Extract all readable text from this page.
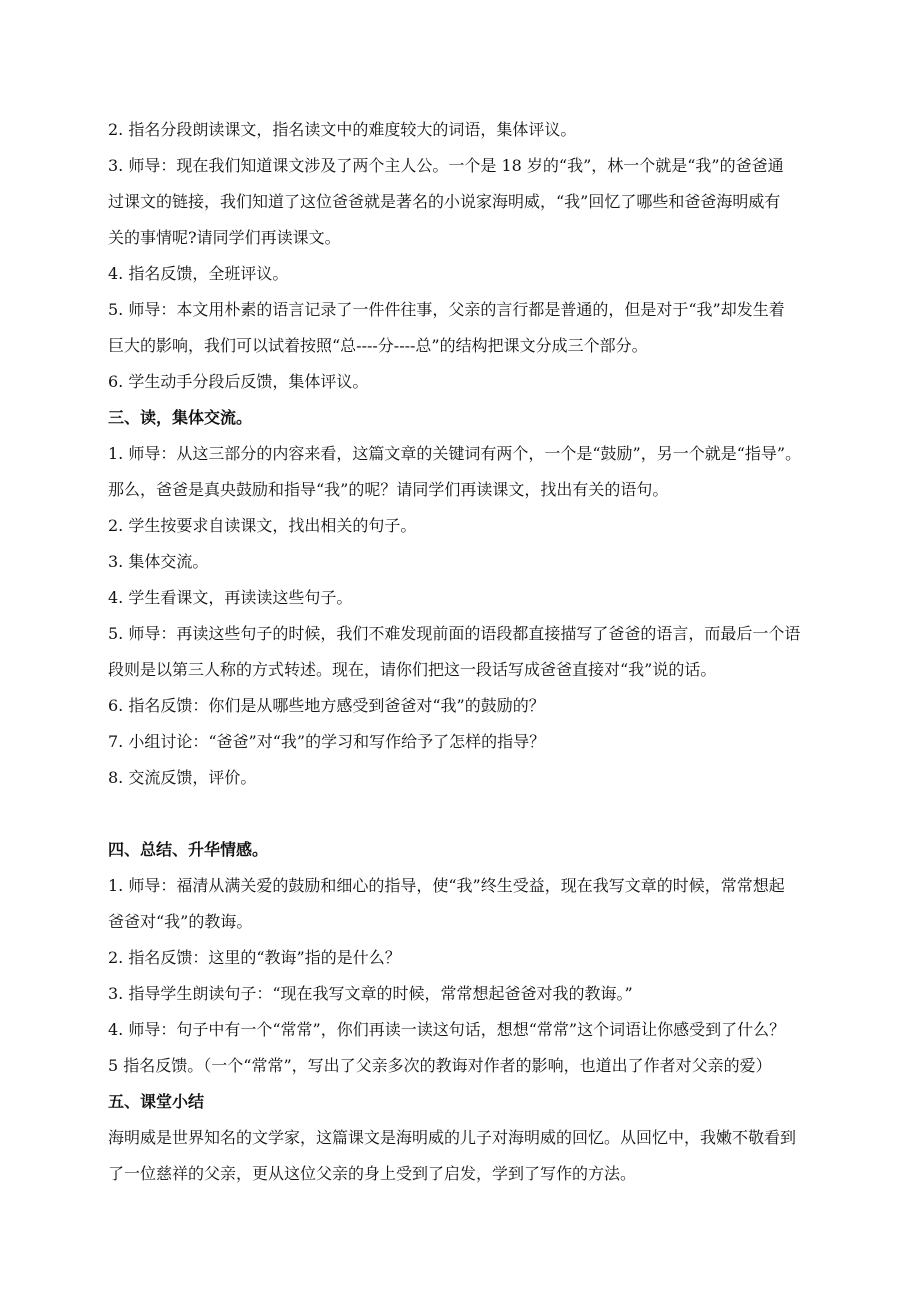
2. 指名分段朗读课文，指名读文中的难度较大的词语，集体评议。
3. 师导：现在我们知道课文涉及了两个主人公。一个是 18 岁的“我”，林一个就是“我”的爸爸通
过课文的链接，我们知道了这位爸爸就是著名的小说家海明威，“我”回忆了哪些和爸爸海明威有
关的事情呢?请同学们再读课文。
4. 指名反馈，全班评议。
5. 师导：本文用朴素的语言记录了一件件往事，父亲的言行都是普通的，但是对于“我”却发生着
巨大的影响，我们可以试着按照“总----分----总”的结构把课文分成三个部分。
6. 学生动手分段后反馈，集体评议。
三、读，集体交流。
1. 师导：从这三部分的内容来看，这篇文章的关键词有两个，一个是“鼓励”，另一个就是“指导”。
那么，爸爸是真央鼓励和指导“我”的呢？请同学们再读课文，找出有关的语句。
2. 学生按要求自读课文，找出相关的句子。
3. 集体交流。
4. 学生看课文，再读读这些句子。
5. 师导：再读这些句子的时候，我们不难发现前面的语段都直接描写了爸爸的语言，而最后一个语
段则是以第三人称的方式转述。现在，请你们把这一段话写成爸爸直接对“我”说的话。
6. 指名反馈：你们是从哪些地方感受到爸爸对“我”的鼓励的？
7. 小组讨论：“爸爸”对“我”的学习和写作给予了怎样的指导？
8. 交流反馈，评价。
四、总结、升华情感。
1. 师导：福清从满关爱的鼓励和细心的指导，使“我”终生受益，现在我写文章的时候，常常想起
爸爸对“我”的教诲。
2. 指名反馈：这里的“教诲”指的是什么？
3. 指导学生朗读句子：“现在我写文章的时候，常常想起爸爸对我的教诲。”
4. 师导：句子中有一个“常常”，你们再读一读这句话，想想“常常”这个词语让你感受到了什么？
5 指名反馈。（一个“常常”，写出了父亲多次的教诲对作者的影响，也道出了作者对父亲的爱）
五、课堂小结
海明威是世界知名的文学家，这篇课文是海明威的儿子对海明威的回忆。从回忆中，我嫩不敬看到
了一位慈祥的父亲，更从这位父亲的身上受到了启发，学到了写作的方法。
